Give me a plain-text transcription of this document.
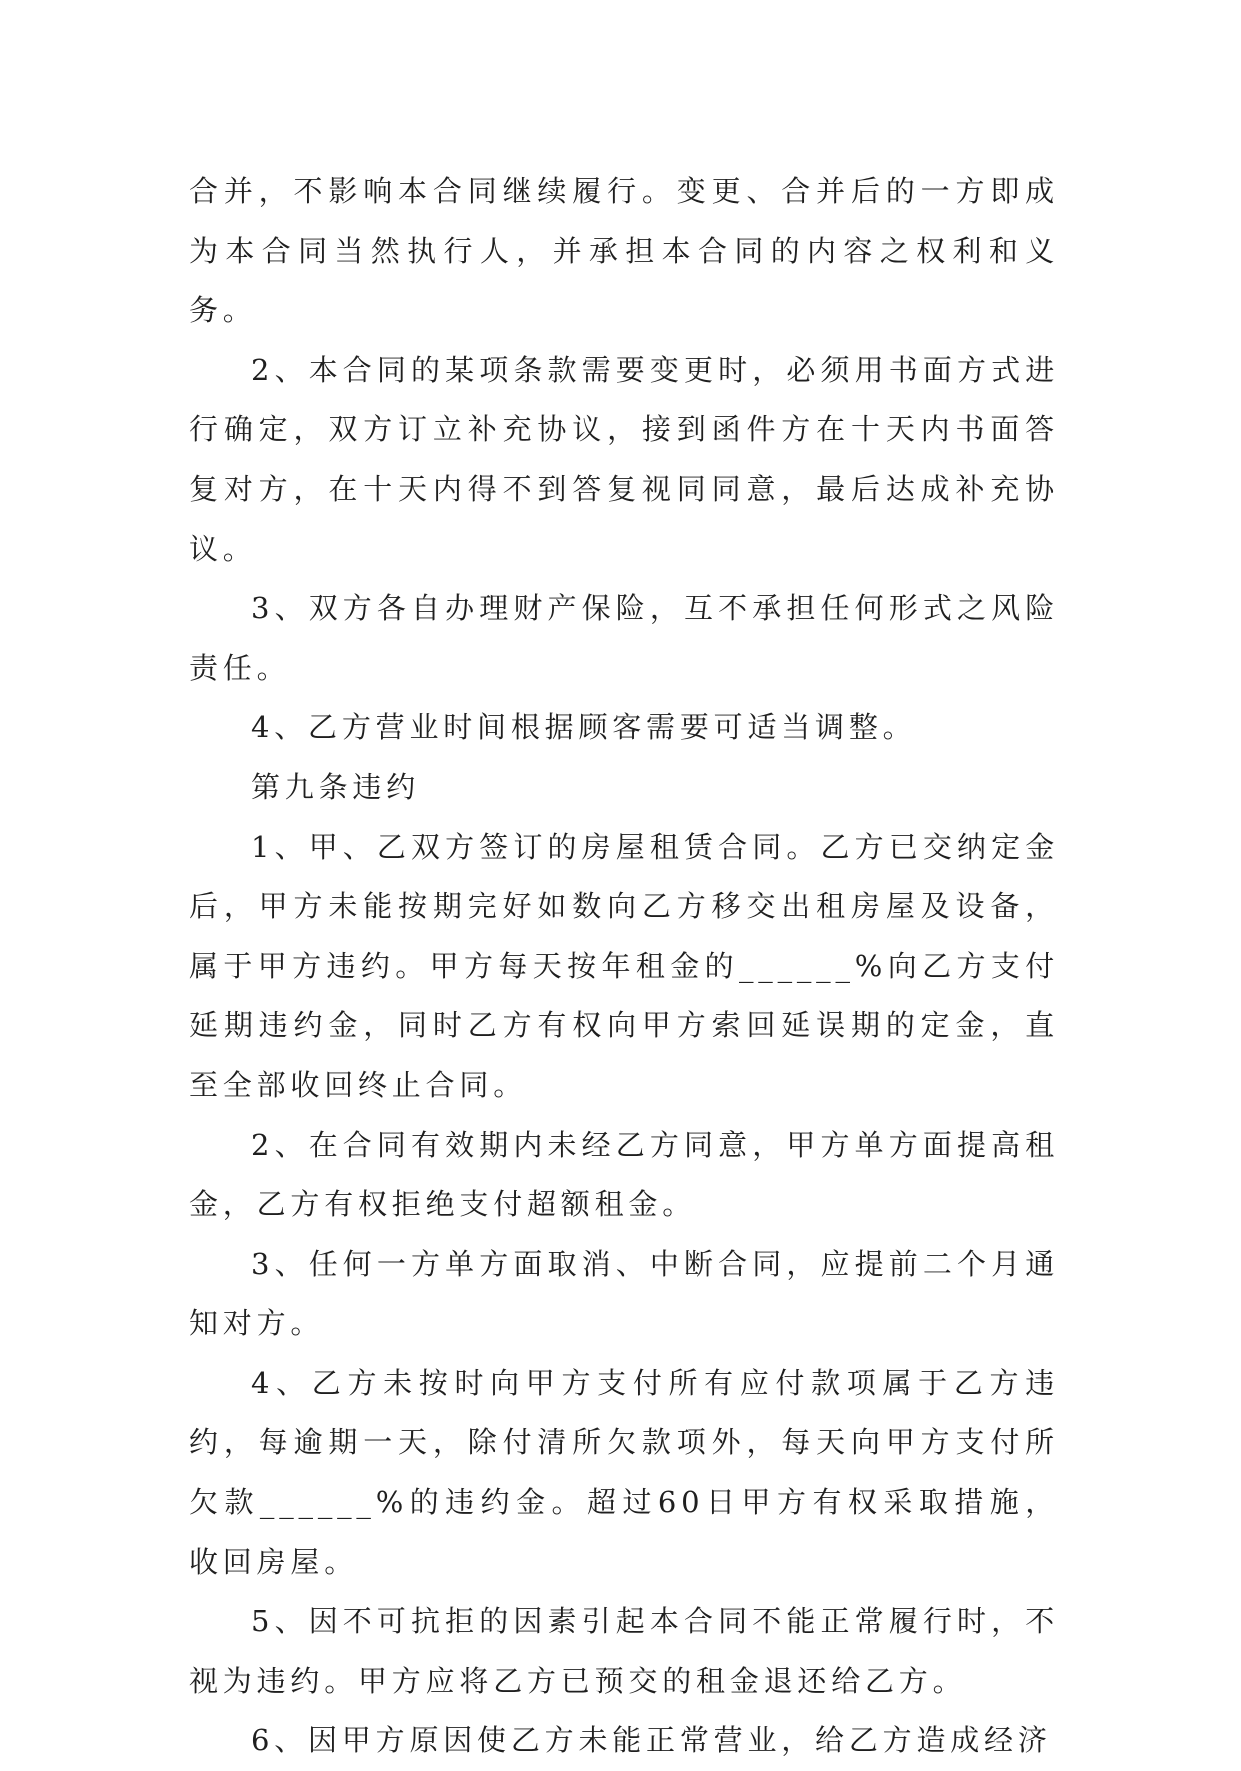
合并，不影响本合同继续履行。变更、合并后的一方即成为本合同当然执行人，并承担本合同的内容之权利和义务。

2、本合同的某项条款需要变更时，必须用书面方式进行确定，双方订立补充协议，接到函件方在十天内书面答复对方，在十天内得不到答复视同同意，最后达成补充协议。

3、双方各自办理财产保险，互不承担任何形式之风险责任。

4、乙方营业时间根据顾客需要可适当调整。

第九条违约

1、甲、乙双方签订的房屋租赁合同。乙方已交纳定金后，甲方未能按期完好如数向乙方移交出租房屋及设备，属于甲方违约。甲方每天按年租金的______%向乙方支付延期违约金，同时乙方有权向甲方索回延误期的定金，直至全部收回终止合同。

2、在合同有效期内未经乙方同意，甲方单方面提高租金，乙方有权拒绝支付超额租金。

3、任何一方单方面取消、中断合同，应提前二个月通知对方。

4、乙方未按时向甲方支付所有应付款项属于乙方违约，每逾期一天，除付清所欠款项外，每天向甲方支付所欠款______%的违约金。超过60日甲方有权采取措施，收回房屋。

5、因不可抗拒的因素引起本合同不能正常履行时，不视为违约。甲方应将乙方已预交的租金退还给乙方。

6、因甲方原因使乙方未能正常营业，给乙方造成经济
